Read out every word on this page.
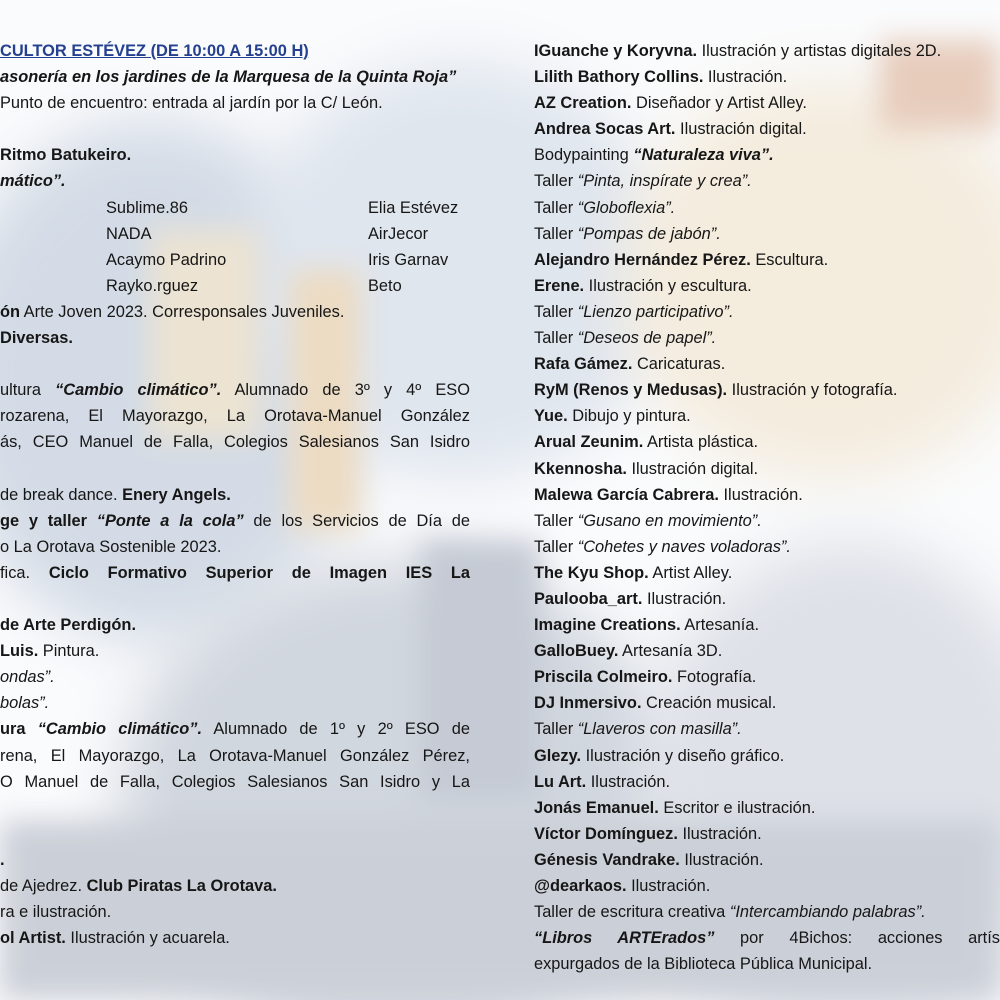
CULTOR ESTÉVEZ (DE 10:00 A 15:00 H)
asonería en los jardines de la Marquesa de la Quinta Roja”
Punto de encuentro: entrada al jardín por la C/ León.
Ritmo Batukeiro.
mático”.
Sublime.86	Elia Estévez
NADA	AirJecor
Acaymo Padrino	Iris Garnav
Rayko.rguez	Beto
ón Arte Joven 2023. Corresponsales Juveniles.
Diversas.
ultura “Cambio climático”. Alumnado de 3º y 4º ESO
rozarena, El Mayorazgo, La Orotava-Manuel González
ás, CEO Manuel de Falla, Colegios Salesianos San Isidro
de break dance. Enery Angels.
ge y taller “Ponte a la cola” de los Servicios de Día de
o La Orotava Sostenible 2023.
fica. Ciclo Formativo Superior de Imagen IES La
de Arte Perdigón.
Luis. Pintura.
ondas”.
bolas”.
ura “Cambio climático”. Alumnado de 1º y 2º ESO de
rena, El Mayorazgo, La Orotava-Manuel González Pérez,
O Manuel de Falla, Colegios Salesianos San Isidro y La
.
de Ajedrez. Club Piratas La Orotava.
ra e ilustración.
ol Artist. Ilustración y acuarela.
IGuanche y Koryvna. Ilustración y artistas digitales 2D.
Lilith Bathory Collins. Ilustración.
AZ Creation. Diseñador y Artist Alley.
Andrea Socas Art. Ilustración digital.
Bodypainting “Naturaleza viva”.
Taller “Pinta, inspírate y crea”.
Taller “Globoflexia”.
Taller “Pompas de jabón”.
Alejandro Hernández Pérez. Escultura.
Erene. Ilustración y escultura.
Taller “Lienzo participativo”.
Taller “Deseos de papel”.
Rafa Gámez. Caricaturas.
RyM (Renos y Medusas). Ilustración y fotografía.
Yue. Dibujo y pintura.
Arual Zeunim. Artista plástica.
Kkennosha. Ilustración digital.
Malewa García Cabrera. Ilustración.
Taller “Gusano en movimiento”.
Taller “Cohetes y naves voladoras”.
The Kyu Shop. Artist Alley.
Paulooba_art. Ilustración.
Imagine Creations. Artesanía.
GalloBuey. Artesanía 3D.
Priscila Colmeiro. Fotografía.
DJ Inmersivo. Creación musical.
Taller “Llaveros con masilla”.
Glezy. Ilustración y diseño gráfico.
Lu Art. Ilustración.
Jonás Emanuel. Escritor e ilustración.
Víctor Domínguez. Ilustración.
Génesis Vandrake. Ilustración.
@dearkaos. Ilustración.
Taller de escritura creativa “Intercambiando palabras”.
“Libros ARTErados” por 4Bichos: acciones artís
expurgados de la Biblioteca Pública Municipal.
